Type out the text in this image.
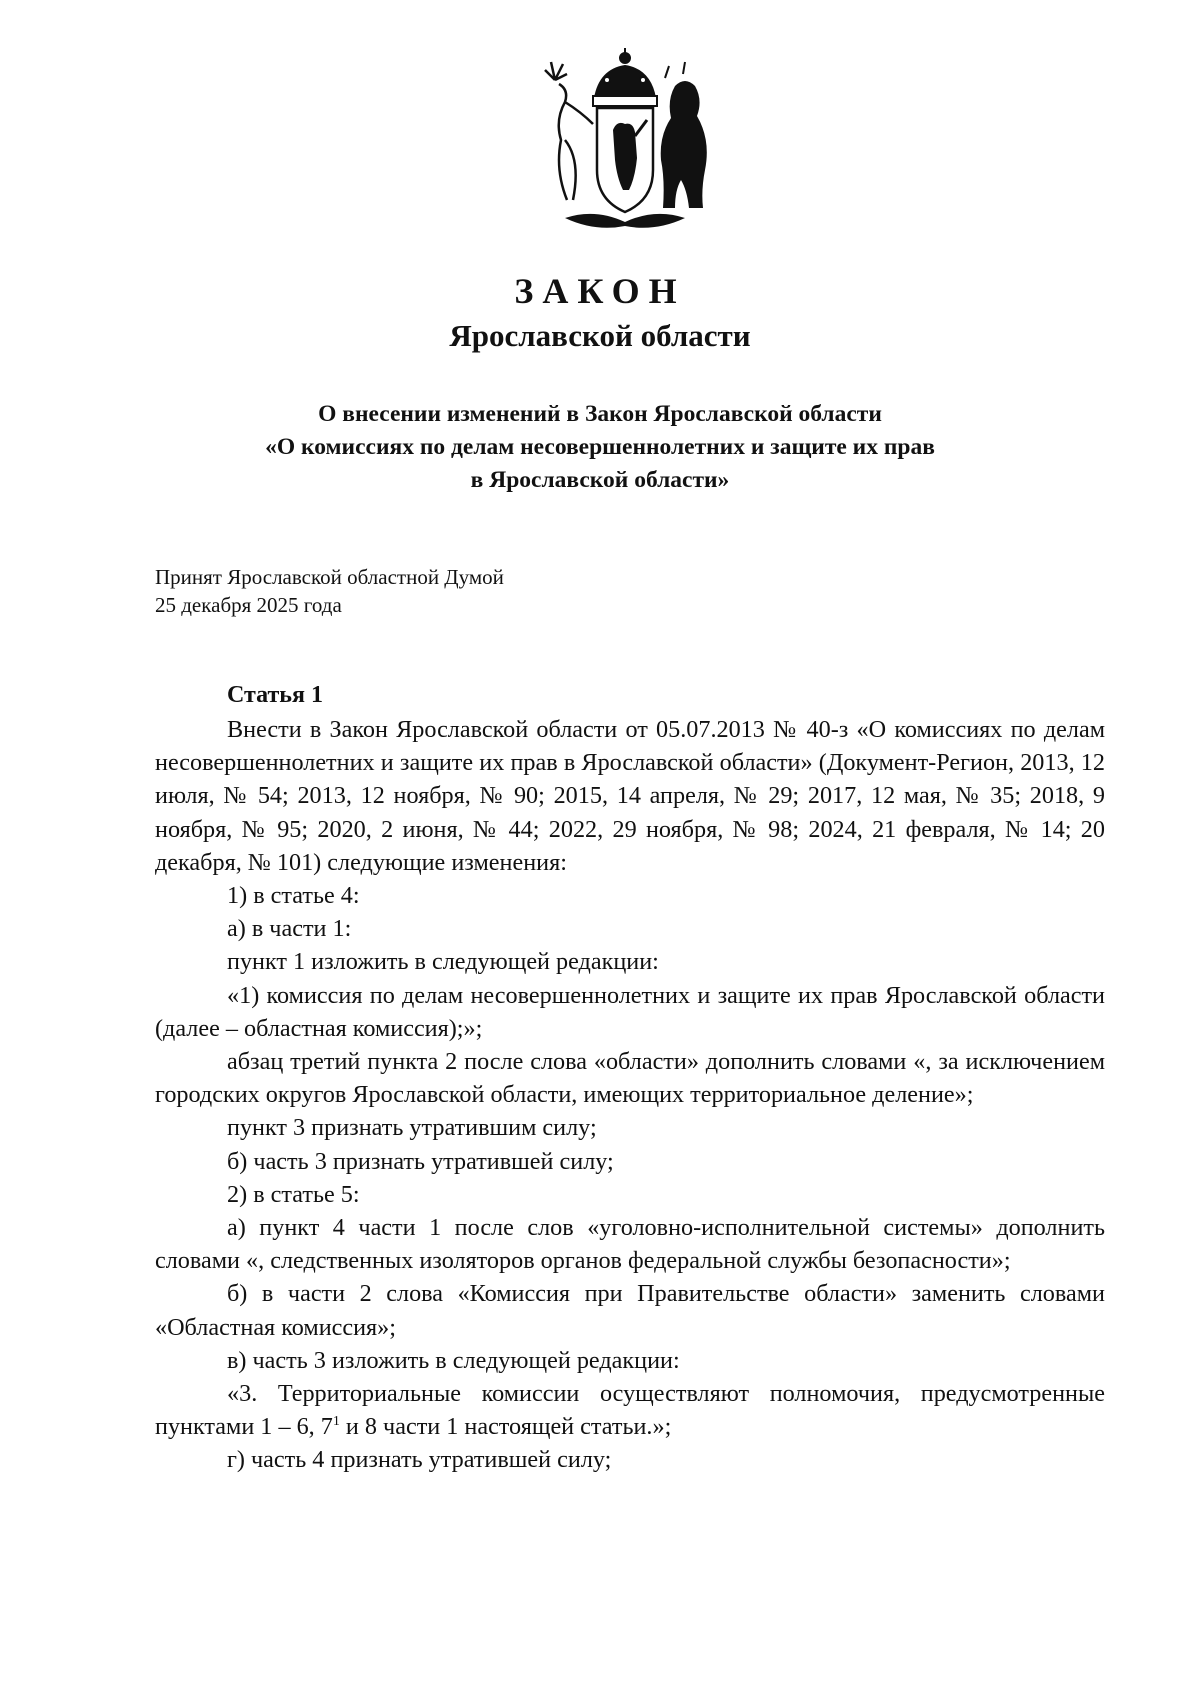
ЗАКОН
Ярославской области
О внесении изменений в Закон Ярославской области
«О комиссиях по делам несовершеннолетних и защите их прав
в Ярославской области»
Принят Ярославской областной Думой
25 декабря 2025 года
Статья 1

Внести в Закон Ярославской области от 05.07.2013 № 40-з «О комиссиях по делам несовершеннолетних и защите их прав в Ярославской области» (Документ-Регион, 2013, 12 июля, № 54; 2013, 12 ноября, № 90; 2015, 14 апреля, № 29; 2017, 12 мая, № 35; 2018, 9 ноября, № 95; 2020, 2 июня, № 44; 2022, 29 ноября, № 98; 2024, 21 февраля, № 14; 20 декабря, № 101) следующие изменения:

1) в статье 4:

а) в части 1:

пункт 1 изложить в следующей редакции:

«1) комиссия по делам несовершеннолетних и защите их прав Ярославской области (далее – областная комиссия);»;

абзац третий пункта 2 после слова «области» дополнить словами «, за исключением городских округов Ярославской области, имеющих территориальное деление»;

пункт 3 признать утратившим силу;

б) часть 3 признать утратившей силу;

2) в статье 5:

а) пункт 4 части 1 после слов «уголовно-исполнительной системы» дополнить словами «, следственных изоляторов органов федеральной службы безопасности»;

б) в части 2 слова «Комиссия при Правительстве области» заменить словами «Областная комиссия»;

в) часть 3 изложить в следующей редакции:

«3. Территориальные комиссии осуществляют полномочия, предусмотренные пунктами 1 – 6, $7^1$ и 8 части 1 настоящей статьи.»;

г) часть 4 признать утратившей силу;
